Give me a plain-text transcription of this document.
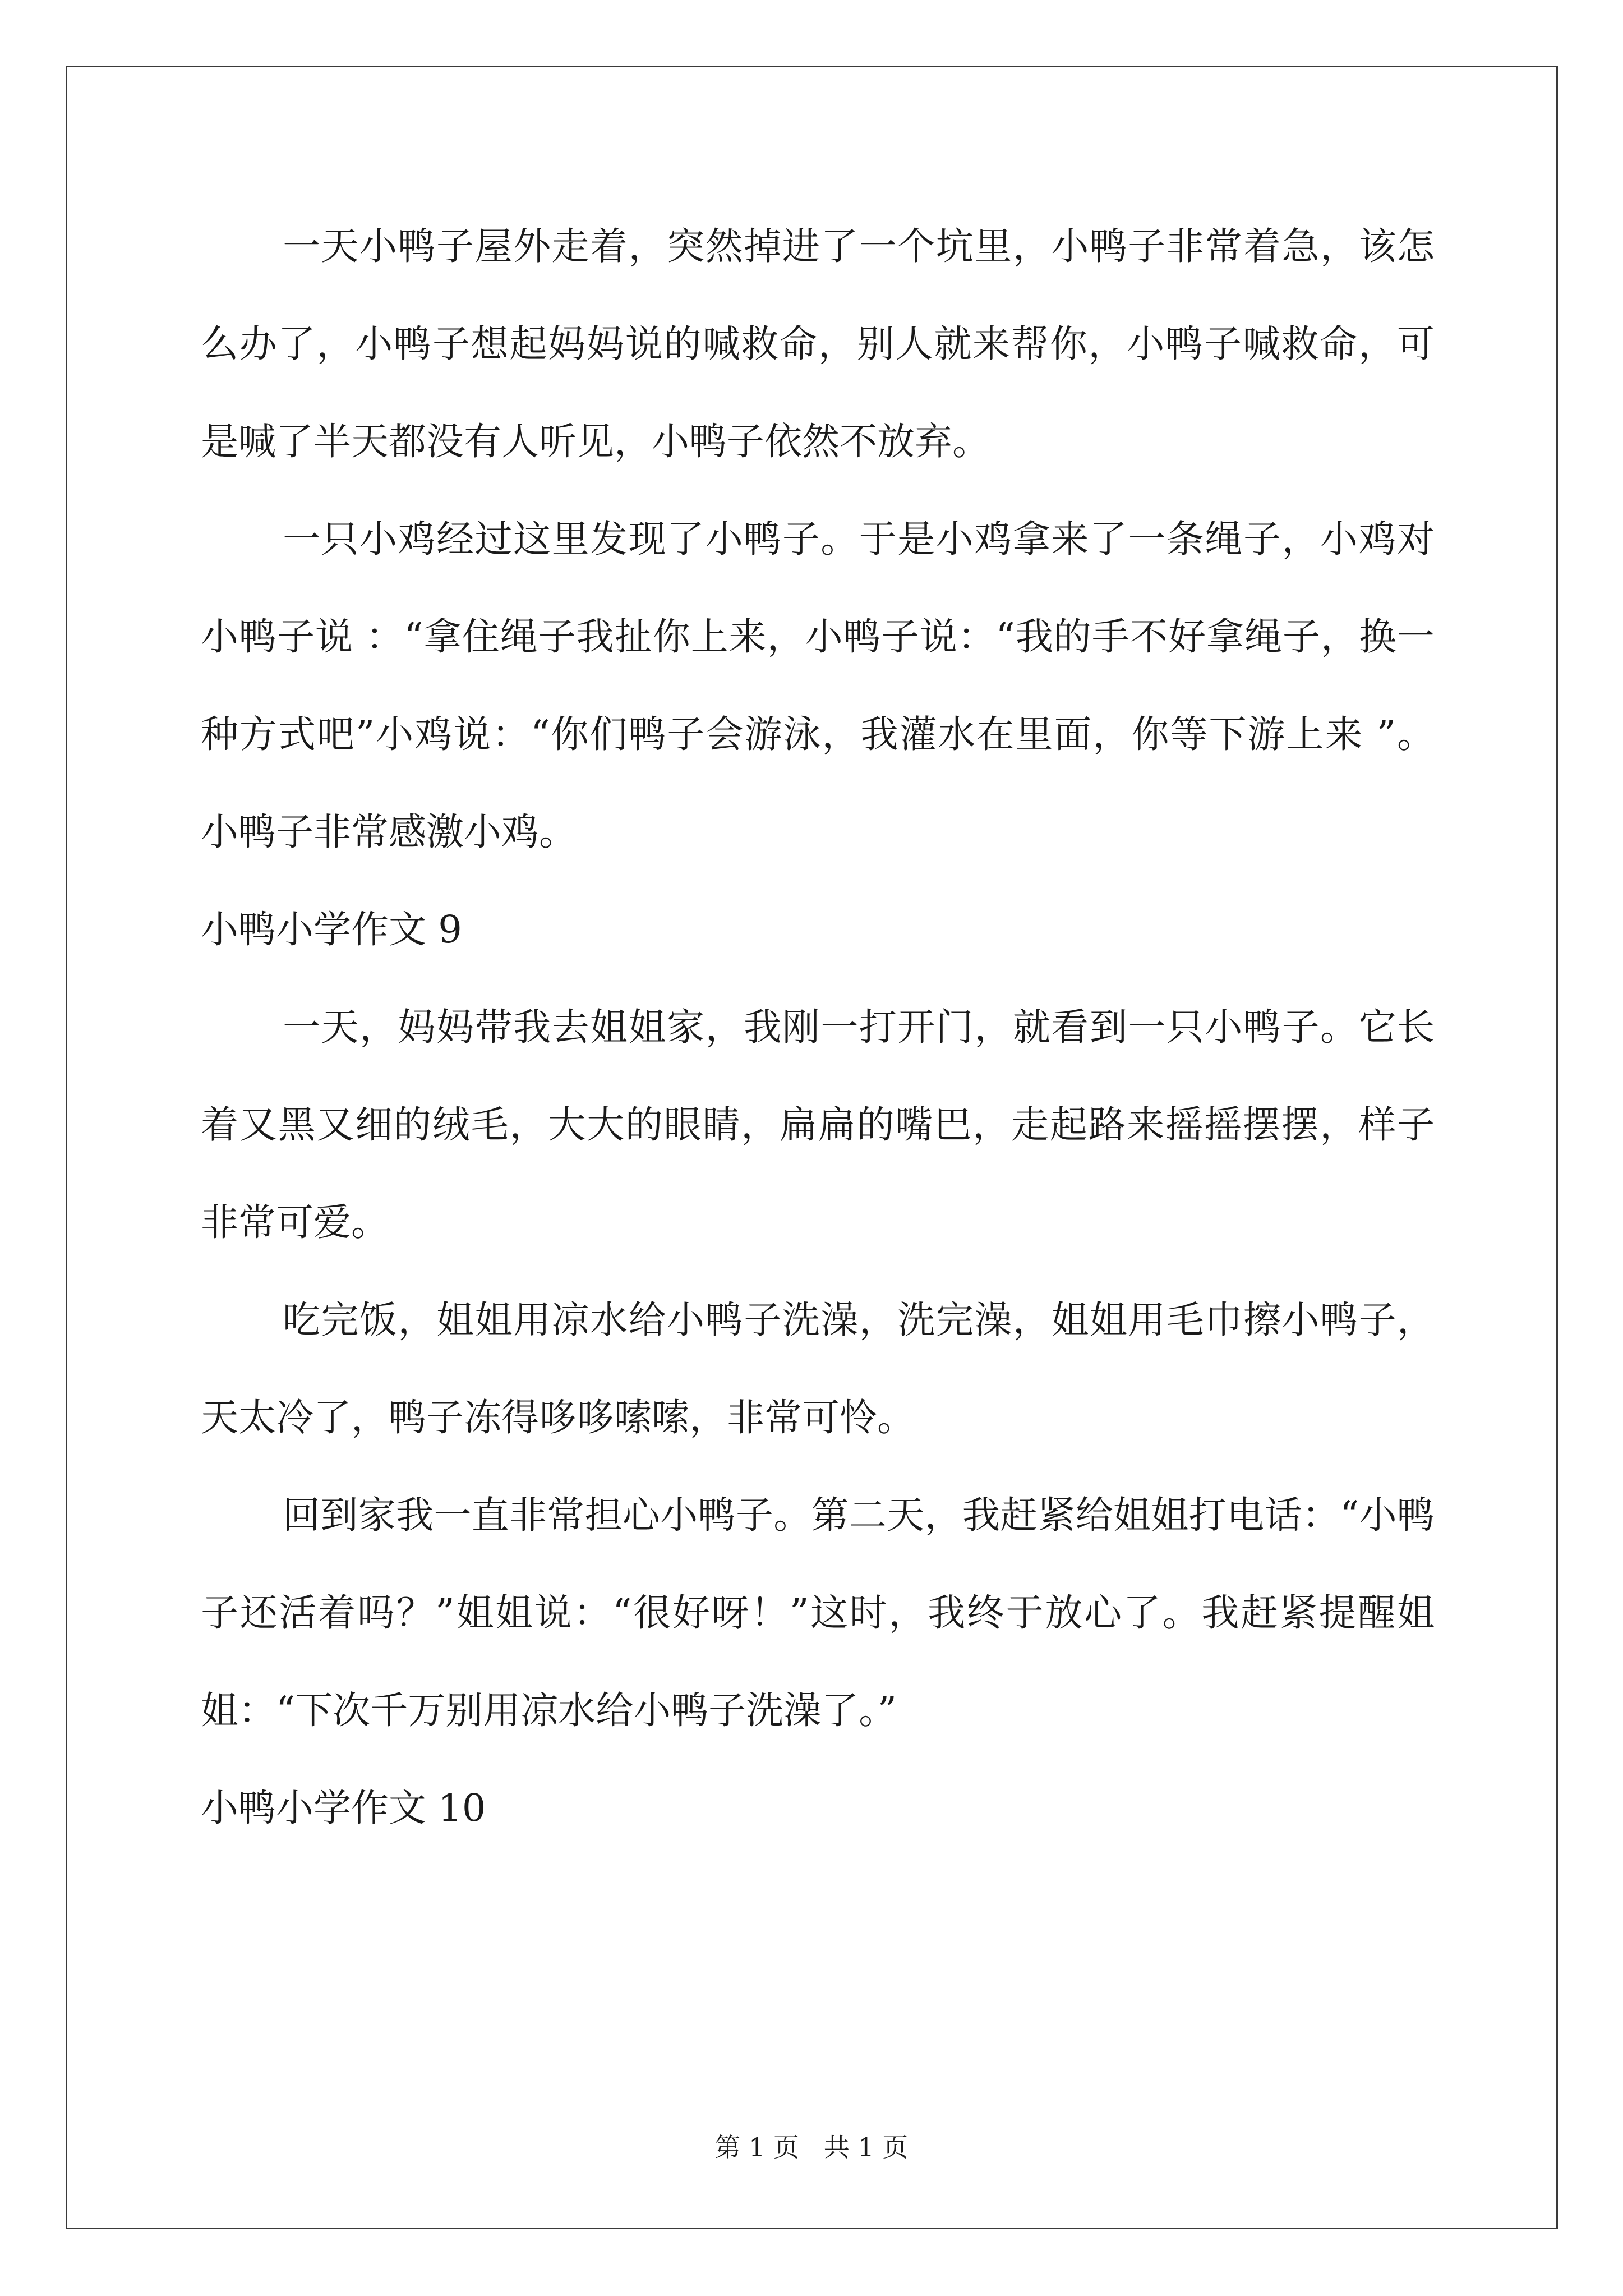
一天小鸭子屋外走着，突然掉进了一个坑里，小鸭子非常着急，该怎么办了，小鸭子想起妈妈说的喊救命，别人就来帮你，小鸭子喊救命，可是喊了半天都没有人听见，小鸭子依然不放弃。

一只小鸡经过这里发现了小鸭子。于是小鸡拿来了一条绳子，小鸡对小鸭子说 ：“拿住绳子我扯你上来，小鸭子说：“我的手不好拿绳子，换一种方式吧”小鸡说：“你们鸭子会游泳，我灌水在里面，你等下游上来 ”。小鸭子非常感激小鸡。

小鸭小学作文 9

一天，妈妈带我去姐姐家，我刚一打开门，就看到一只小鸭子。它长着又黑又细的绒毛，大大的眼睛，扁扁的嘴巴，走起路来摇摇摆摆，样子非常可爱。

吃完饭，姐姐用凉水给小鸭子洗澡，洗完澡，姐姐用毛巾擦小鸭子，天太冷了，鸭子冻得哆哆嗦嗦，非常可怜。

回到家我一直非常担心小鸭子。第二天，我赶紧给姐姐打电话：“小鸭子还活着吗？”姐姐说：“很好呀！”这时，我终于放心了。我赶紧提醒姐姐：“下次千万别用凉水给小鸭子洗澡了。”

小鸭小学作文 10

第 1 页   共 1 页
